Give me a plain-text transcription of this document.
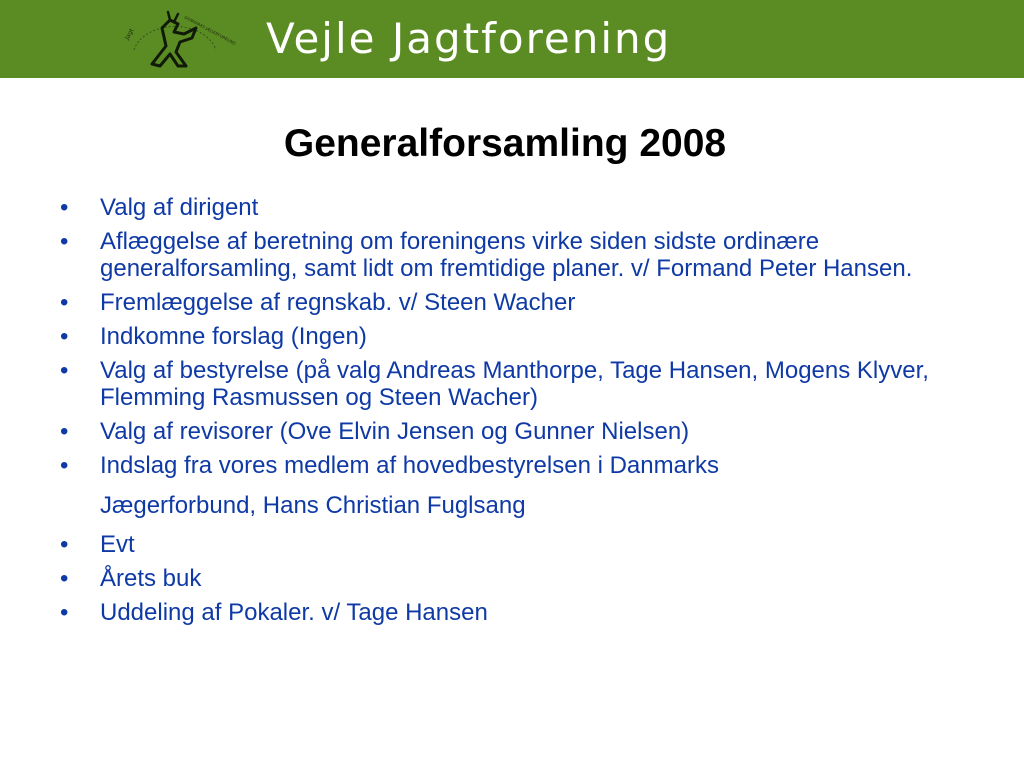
Jagt	DANMARKS JÆGERFORBUND Vejle Jagtforening
Generalforsamling 2008
• Valg af dirigent
• Aflæggelse af beretning om foreningens virke siden sidste ordinære generalforsamling, samt lidt om fremtidige planer. v/ Formand Peter Hansen.
• Fremlæggelse af regnskab. v/ Steen Wacher
• Indkomne forslag (Ingen)
• Valg af bestyrelse (på valg Andreas Manthorpe, Tage Hansen, Mogens Klyver, Flemming Rasmussen og Steen Wacher)
• Valg af revisorer (Ove Elvin Jensen og Gunner Nielsen)
• Indslag fra vores medlem af hovedbestyrelsen i Danmarks
Jægerforbund, Hans Christian Fuglsang
• Evt
• Årets buk
• Uddeling af Pokaler. v/ Tage Hansen
